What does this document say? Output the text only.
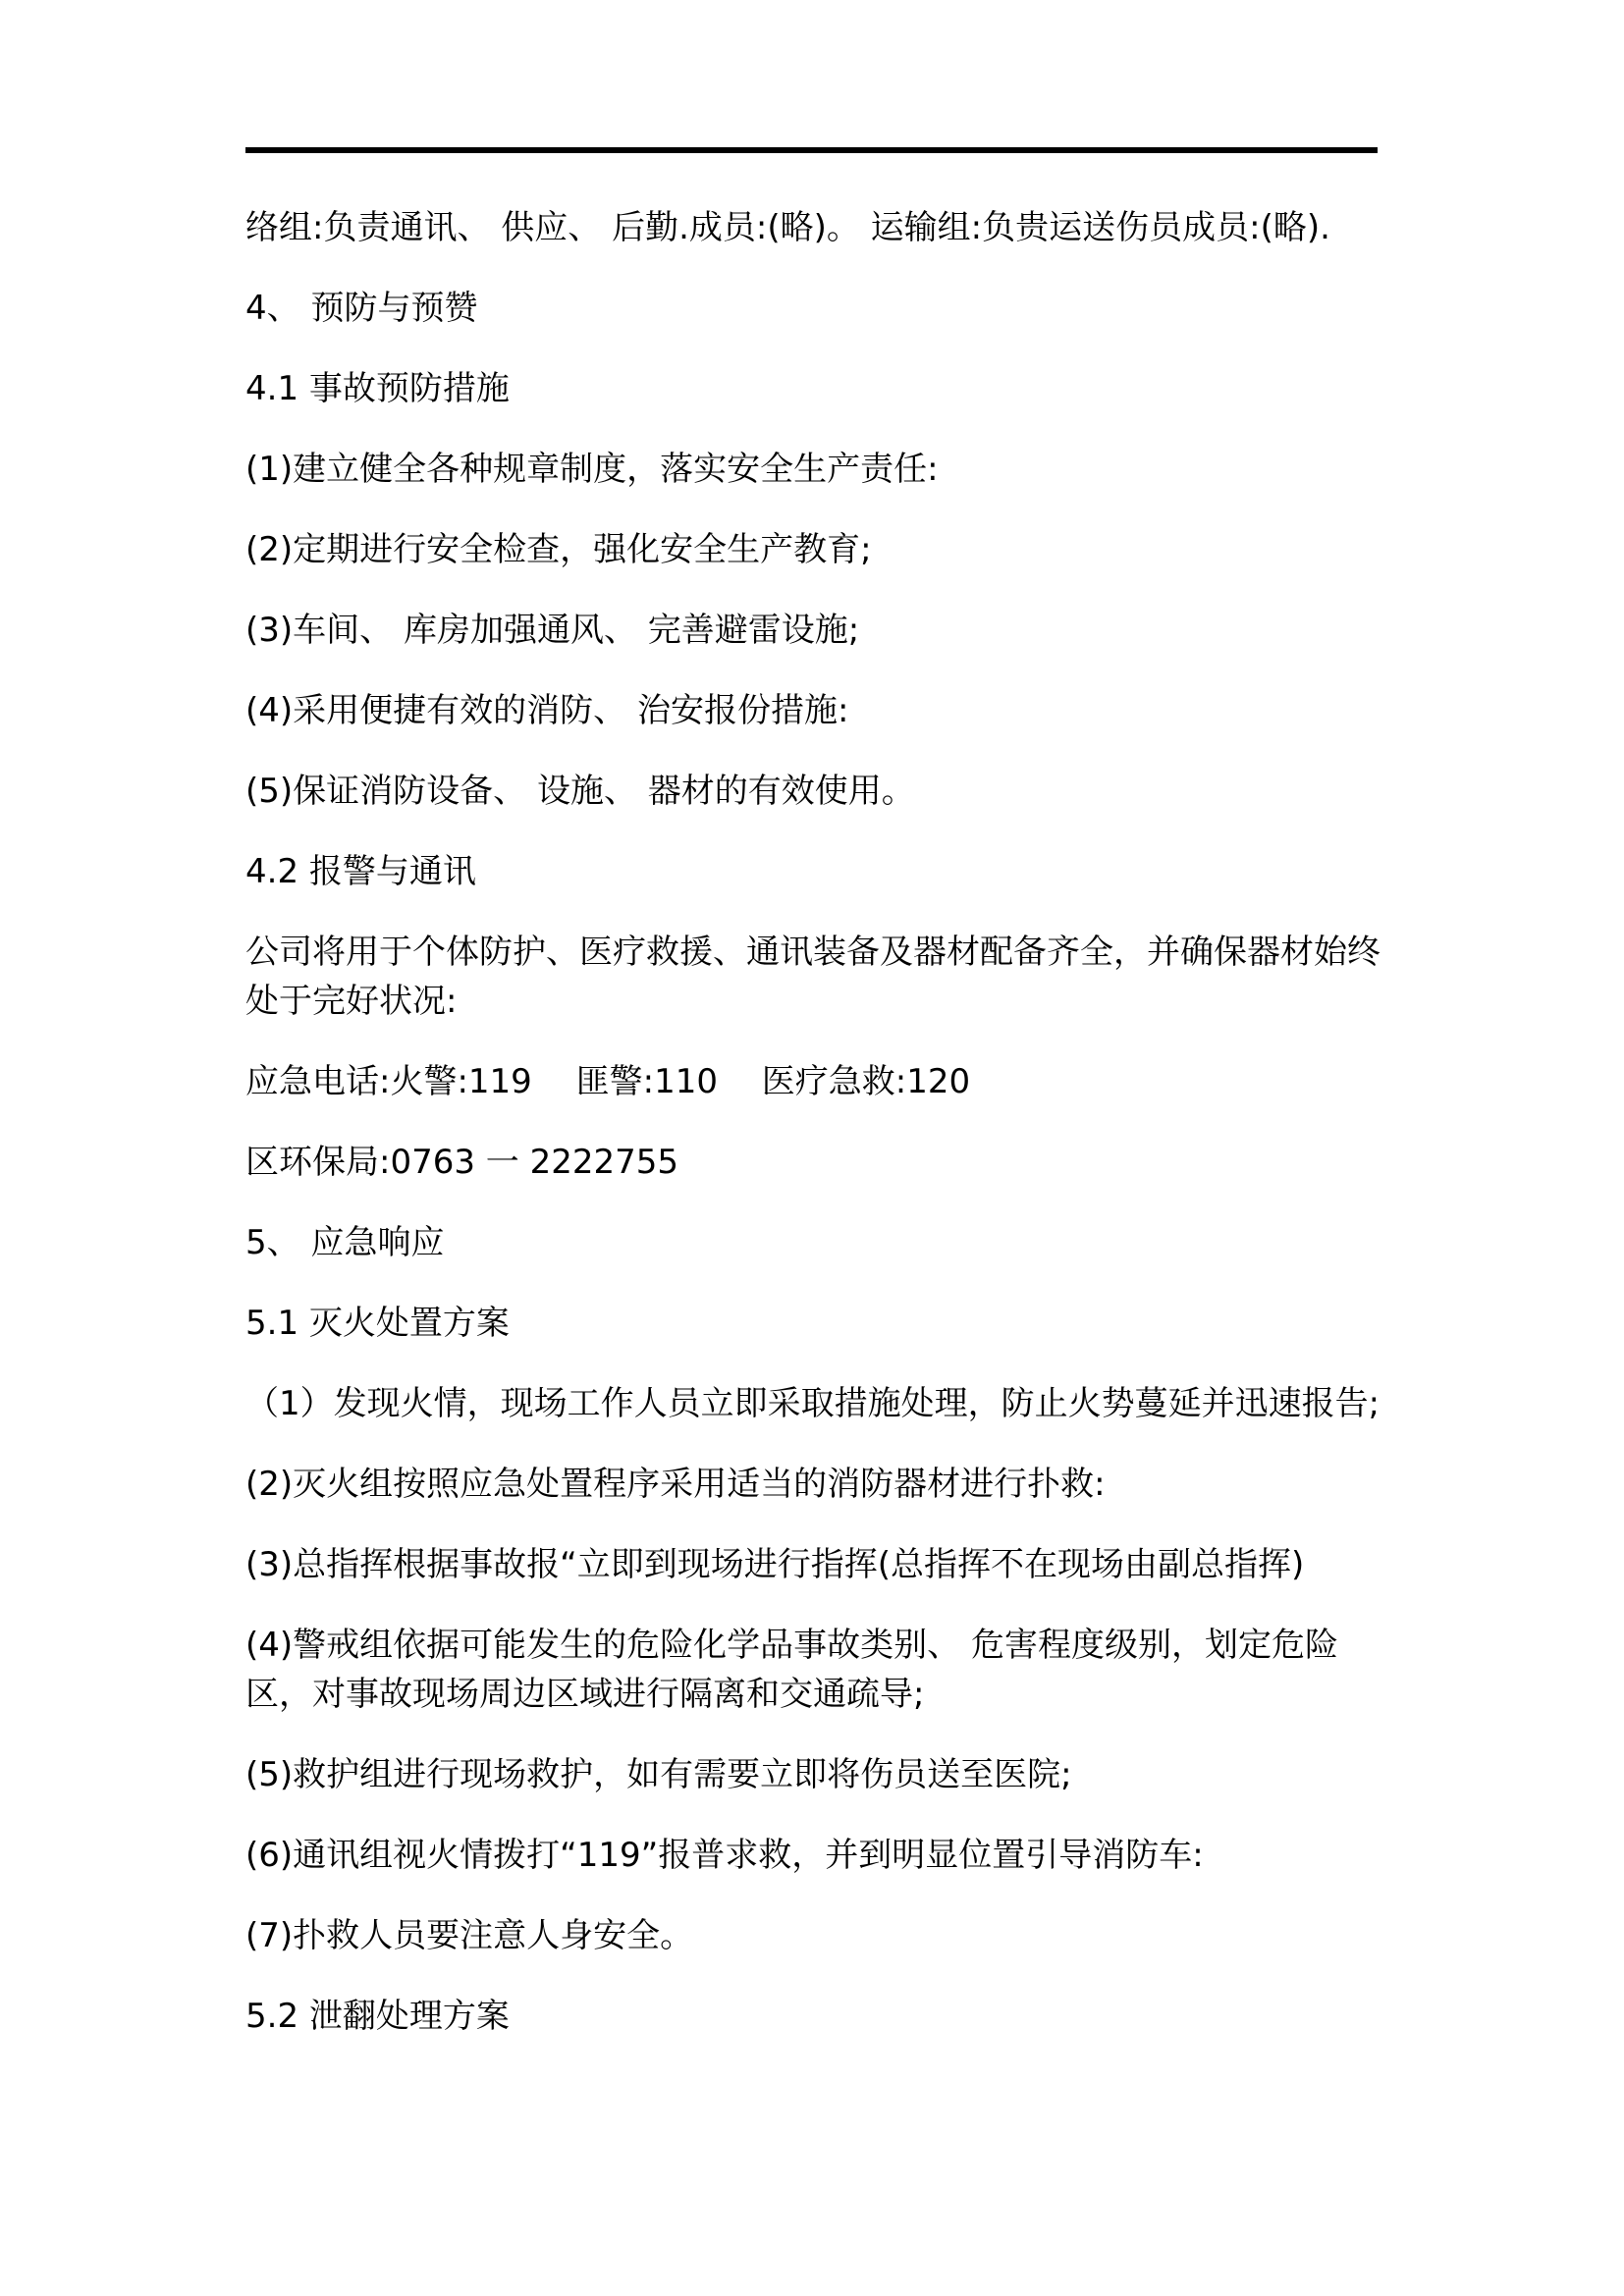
络组:负责通讯、 供应、 后勤.成员:(略)。 运输组:负贵运送伤员成员:(略).

4、 预防与预赞

4.1 事故预防措施

(1)建立健全各种规章制度，落实安全生产责任:

(2)定期进行安全检查，强化安全生产教育;

(3)车间、 库房加强通风、 完善避雷设施;

(4)采用便捷有效的消防、 治安报份措施:

(5)保证消防设备、 设施、 器材的有效使用。

4.2 报警与通讯

公司将用于个体防护、医疗救援、通讯装备及器材配备齐全，并确保器材始终处于完好状况:

应急电话:火警:119　 匪警:110　 医疗急救:120

区环保局:0763 一 2222755

5、 应急响应

5.1 灭火处置方案

（1）发现火情，现场工作人员立即采取措施处理，防止火势蔓延并迅速报告;

(2)灭火组按照应急处置程序采用适当的消防器材进行扑救:

(3)总指挥根据事故报“立即到现场进行指挥(总指挥不在现场由副总指挥)

(4)警戒组依据可能发生的危险化学品事故类别、 危害程度级别，划定危险区，对事故现场周边区域进行隔离和交通疏导;

(5)救护组进行现场救护，如有需要立即将伤员送至医院;

(6)通讯组视火情拨打“119”报普求救，并到明显位置引导消防车:

(7)扑救人员要注意人身安全。

5.2 泄翻处理方案
